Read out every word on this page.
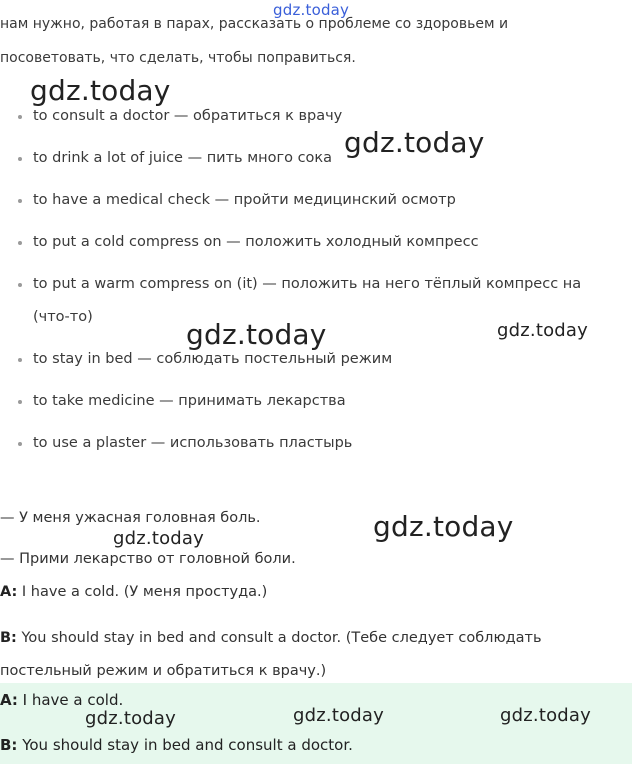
нам нужно, работая в парах, рассказать о проблеме со здоровьем и
посоветовать, что сделать, чтобы поправиться.
to consult a doctor — обратиться к врачу
to drink a lot of juice — пить много сока
to have a medical check — пройти медицинский осмотр
to put a cold compress on — положить холодный компресс
to put a warm compress on (it) — положить на него тёплый компресс на (что-то)
to stay in bed — соблюдать постельный режим
to take medicine — принимать лекарства
to use a plaster — использовать пластырь
— У меня ужасная головная боль.
— Прими лекарство от головной боли.
A: I have a cold. (У меня простуда.)
B: You should stay in bed and consult a doctor. (Тебе следует соблюдать постельный режим и обратиться к врачу.)
A: I have a cold.
B: You should stay in bed and consult a doctor.
gdz.today
gdz.today
gdz.today
gdz.today	gdz.today
gdz.today
gdz.today
gdz.today	gdz.today	gdz.today
